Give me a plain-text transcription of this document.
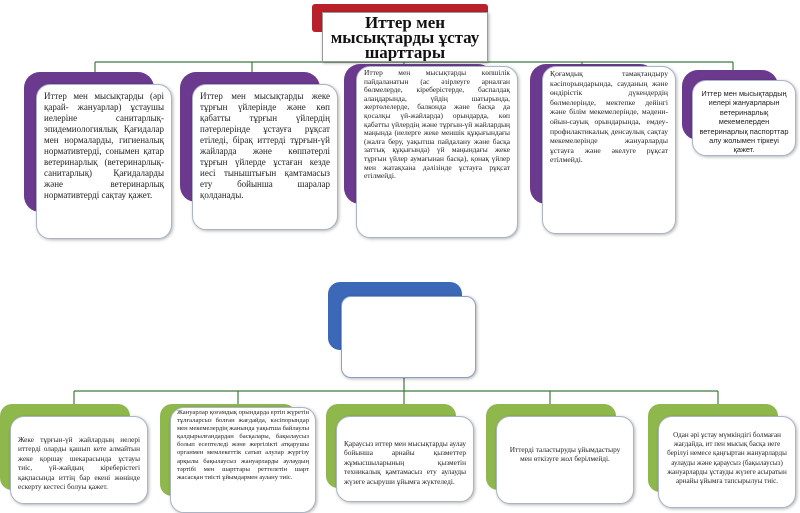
Иттер мен мысықтарды ұстау шарттары
Иттер мен мысықтарды (әрі қарай- жануарлар) ұстаушы иелеріне санитарлық-эпидемиологиялық Қағидалар мен нормаларды, гигиеналық нормативтерді, сонымен қатар ветеринарлық (ветеринарлық-санитарлық) Қағидаларды және ветеринарлық нормативтерді сақтау қажет.
Иттер мен мысықтарды жеке тұрғын үйлерінде және көп қабатты тұрғын үйлердің пәтерлерінде ұстауға рұқсат етіледі, бірақ иттерді тұрғын-үй жайларда және көппәтерлі тұрғын үйлерде ұстаған кезде иесі тыныштығын қамтамасыз ету бойынша шаралар қолданады.
Иттер мен мысықтарды көпшілік пайдаланатын (ас әзірлеуге арналған бөлмелерде, кіреберістерде, баспалдақ алаңдарында, үйдің шатырында, жертөлелерде, балконда және басқа да қосалқы үй-жайларда) орындарда, көп қабатты үйлердің және тұрғын-үй жайлардың маңында (иелерге жеке меншік құқығындағы (жалға беру, уақытша пайдалану және басқа заттық құқығында) үй маңындағы жеке тұрғын үйлер аумағынан басқа), қонақ үйлер мен жатақхана дәлізінде ұстауға рұқсат етілмейді.
Қоғамдық тамақтандыру кәсіпорындарында, сауданың және өндірістік дүкендердің бөлмелерінде, мектепке дейінгі және білім мекемелерінде, мәдени-ойын-сауық орындарында, емдеу-профилактикалық денсаулық сақтау мекемелерінде жануарларды ұстауға және әкелуге рұқсат етілмейді.
Иттер мен мысықтардың иелері жануарларын ветеринарлық мекемелерден ветеринарлық паспорттар алу жолымен тіркеуі қажет.
Жеке тұрғын-үй жайлардың иелері иттерді оларды қашып кете алмайтын жеке қоршау шекарасында ұстауы тиіс, үй-жайдың кіреберістегі қақпасында иттің бар екені жөнінде ескерту кестесі болуы қажет.
Жануарлар қоғамдық орындарда ертіп жүретін тұлғаларсыз болған жағдайда, кәсіпорындар мен мекемелердің жанында уақытша байлаулы қалдырылғандардан басқалары, бақылаусыз болып есептеледі және жергілікті атқарушы органмен мемлекеттік сатып алулар жүргізу арқылы бақылаусыз жануарларды аулаудың тәртібі мен шарттары реттелетін шарт жасасқан тиісті ұйымдармен аулану тиіс.
Қараусыз иттер мен мысықтарды аулау бойынша арнайы қызметтер жұмысшыларының қызметін техникалық қамтамасыз ету аулауды жүзеге асыруши ұйымға жүктеледі.
Иттерді таластыруды ұйымдастыру мен өткізуге жол берілмейді.
Одан әрі ұстау мүмкіндігі болмаған жағдайда, ит пен мысық басқа иеге берілуі немесе қаңғыртан жануарларды аулауды және қараусыз (бақылаусыз) жануарларды ұстауды жүзеге асыратын арнайы ұйымға тапсырылуы тиіс.
